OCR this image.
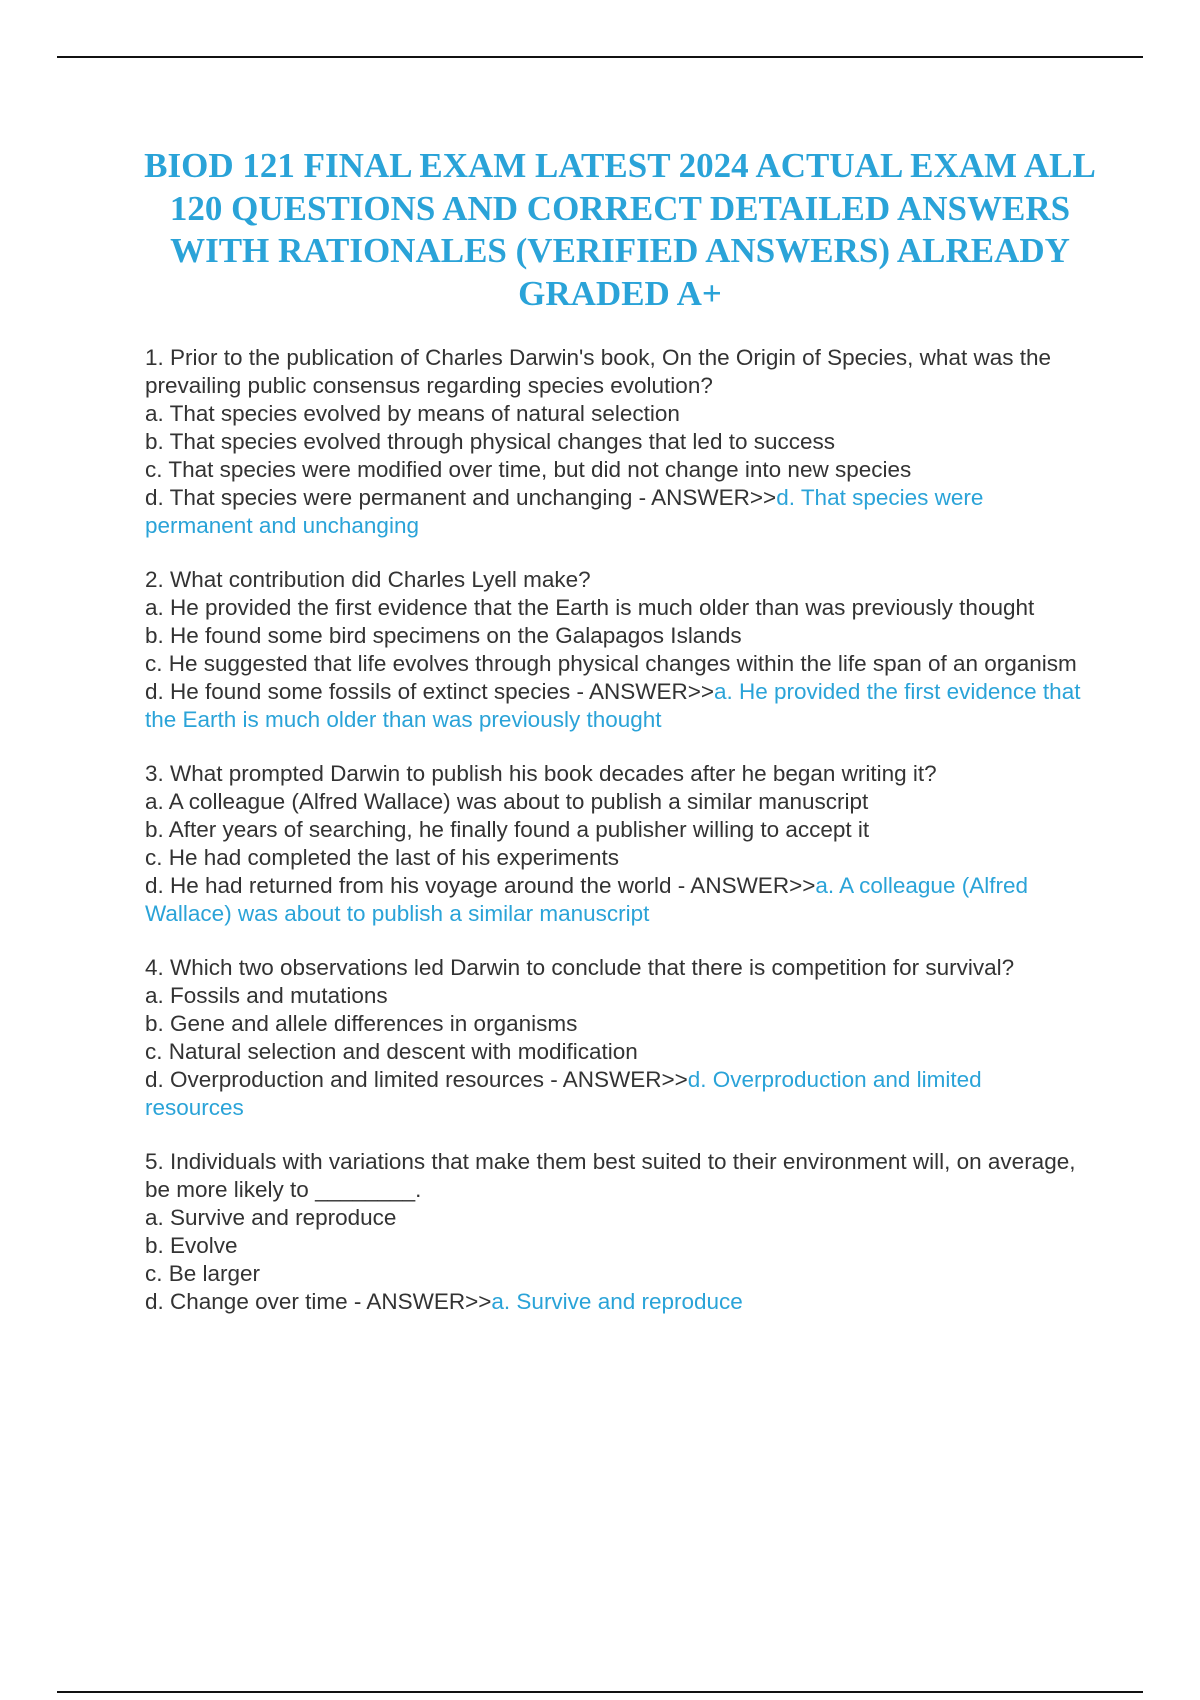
BIOD 121 FINAL EXAM LATEST 2024 ACTUAL EXAM ALL 120 QUESTIONS AND CORRECT DETAILED ANSWERS WITH RATIONALES (VERIFIED ANSWERS) ALREADY GRADED A+

1. Prior to the publication of Charles Darwin's book, On the Origin of Species, what was the prevailing public consensus regarding species evolution?

a. That species evolved by means of natural selection

b. That species evolved through physical changes that led to success

c. That species were modified over time, but did not change into new species

d. That species were permanent and unchanging - ANSWER>>d. That species were permanent and unchanging

2. What contribution did Charles Lyell make?

a. He provided the first evidence that the Earth is much older than was previously thought

b. He found some bird specimens on the Galapagos Islands

c. He suggested that life evolves through physical changes within the life span of an organism

d. He found some fossils of extinct species - ANSWER>>a. He provided the first evidence that the Earth is much older than was previously thought

3. What prompted Darwin to publish his book decades after he began writing it?

a. A colleague (Alfred Wallace) was about to publish a similar manuscript

b. After years of searching, he finally found a publisher willing to accept it

c. He had completed the last of his experiments

d. He had returned from his voyage around the world - ANSWER>>a. A colleague (Alfred Wallace) was about to publish a similar manuscript

4. Which two observations led Darwin to conclude that there is competition for survival?

a. Fossils and mutations

b. Gene and allele differences in organisms

c. Natural selection and descent with modification

d. Overproduction and limited resources - ANSWER>>d. Overproduction and limited resources

5. Individuals with variations that make them best suited to their environment will, on average, be more likely to ________.

a. Survive and reproduce

b. Evolve

c. Be larger

d. Change over time - ANSWER>>a. Survive and reproduce
